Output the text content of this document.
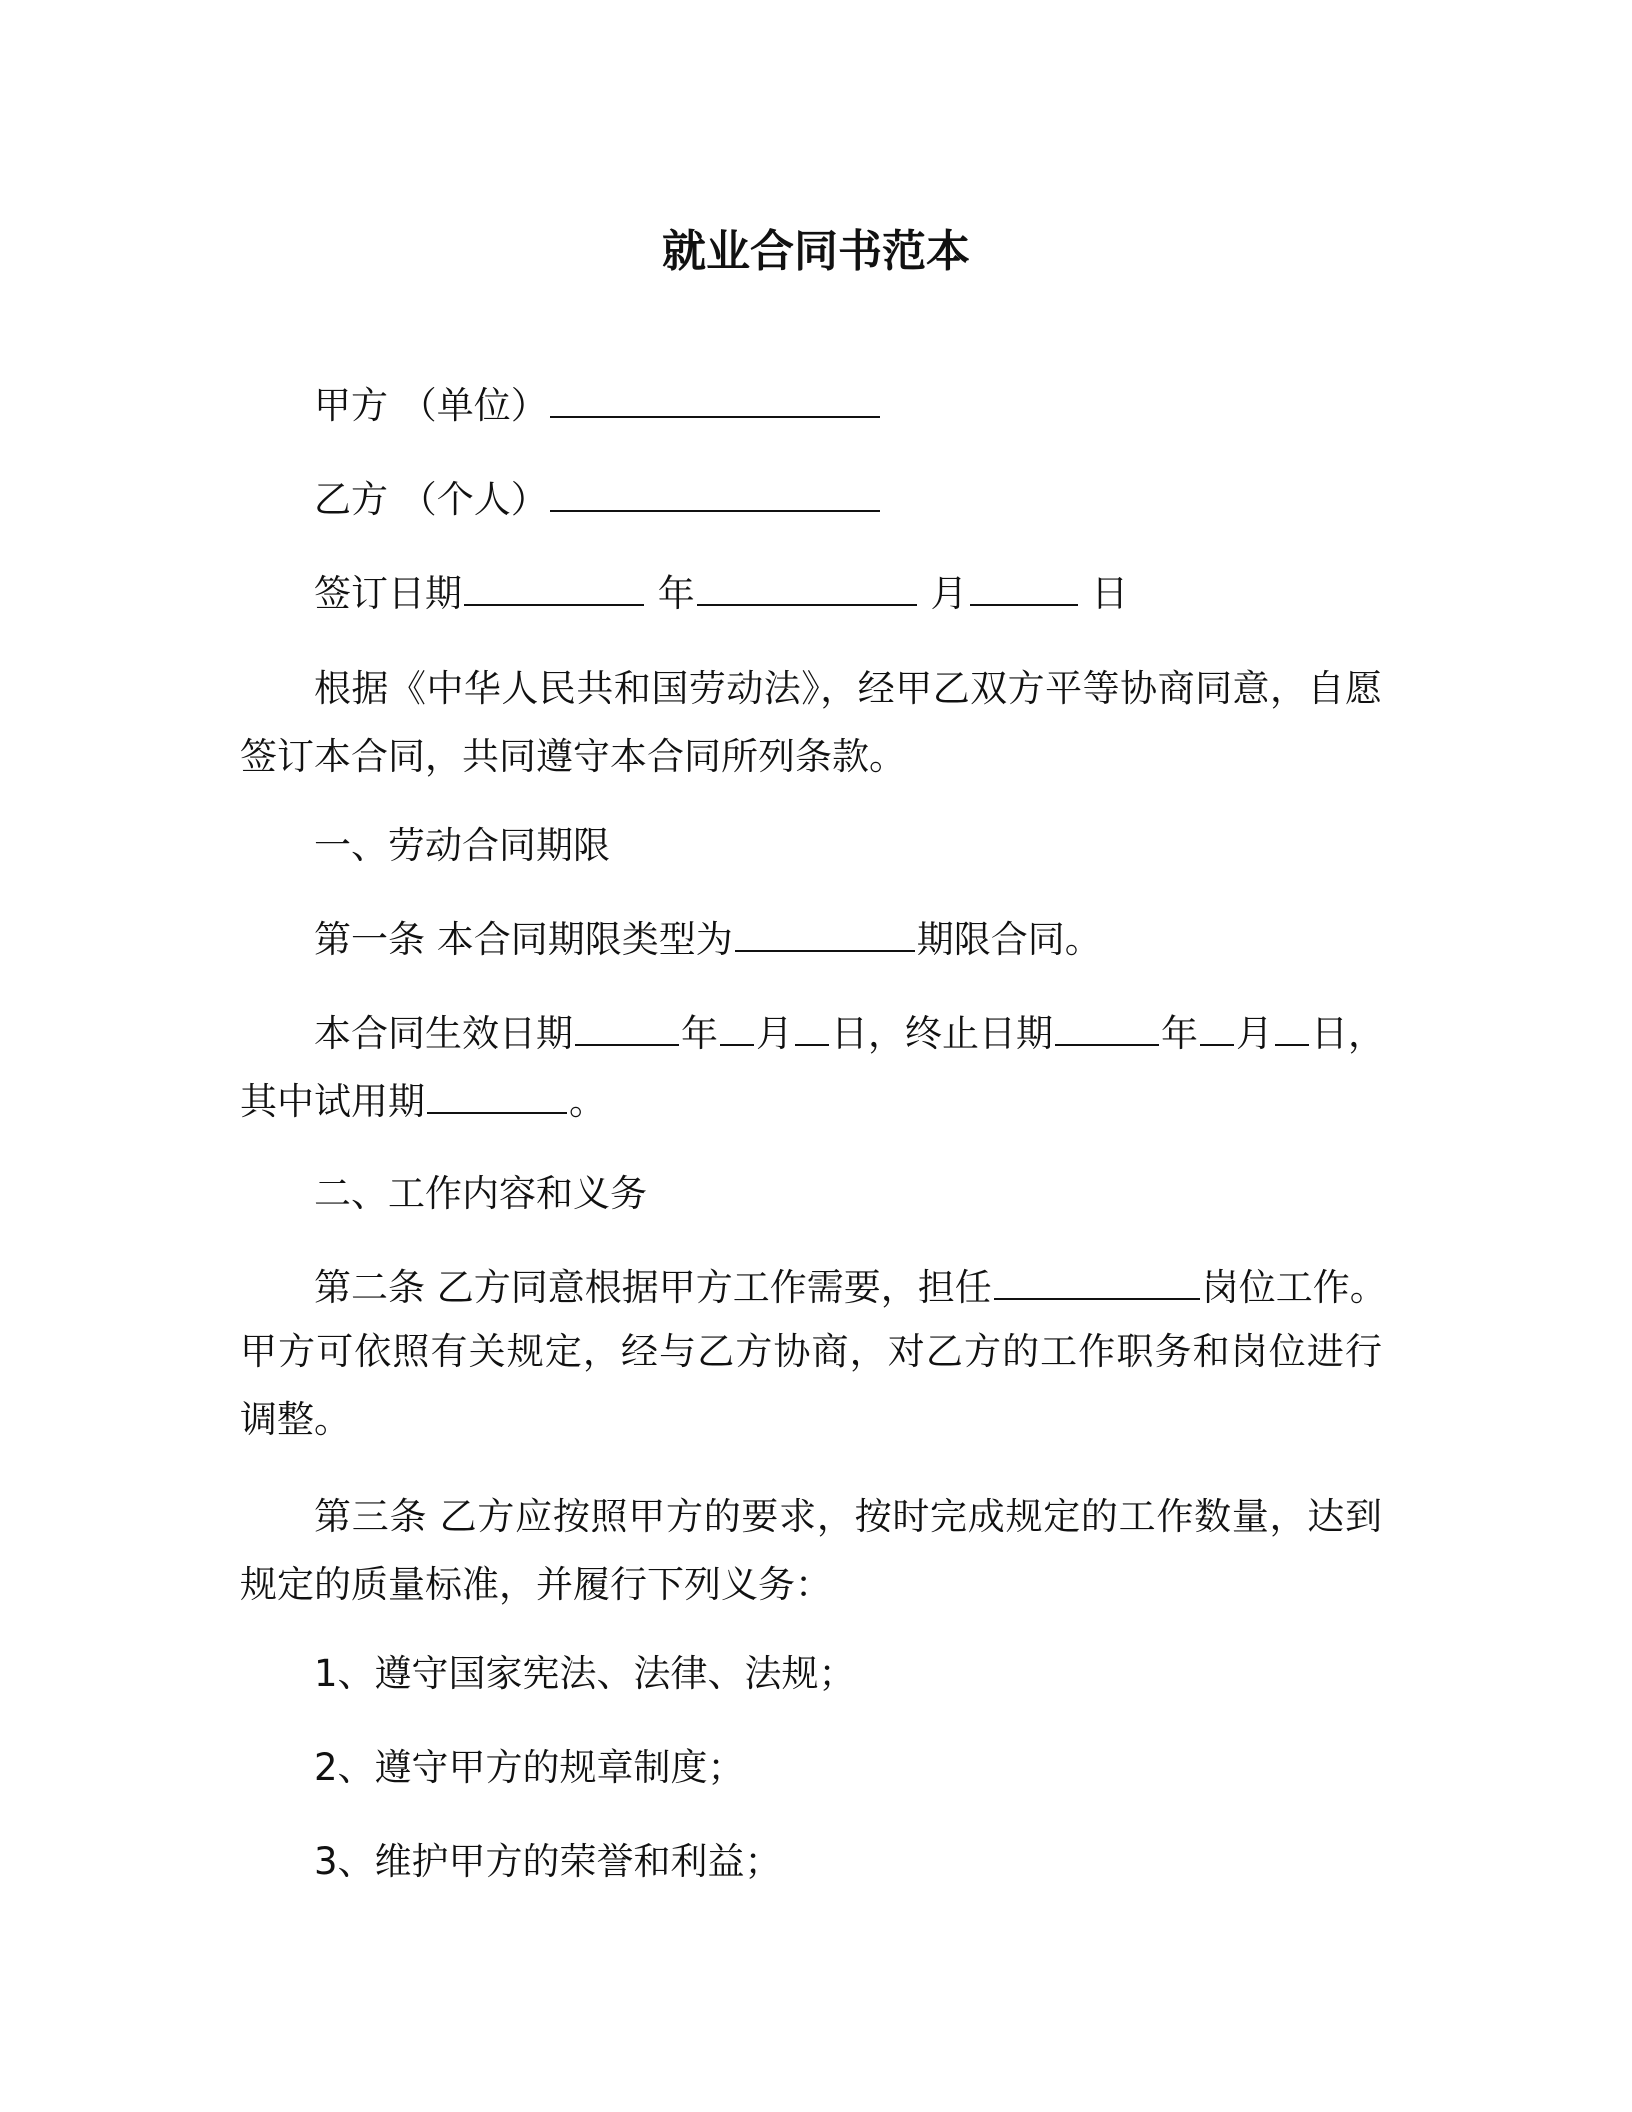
就业合同书范本
甲方 （单位）
乙方 （个人）
签订日期	年	月	日
根据《中华人民共和国劳动法》，经甲乙双方平等协商同意，自愿签订本合同，共同遵守本合同所列条款。
一、劳动合同期限
第一条 本合同期限类型为	期限合同。
本合同生效日期	年 月 日，终止日期	年 月 日，
其中试用期	。
二、工作内容和义务
第二条 乙方同意根据甲方工作需要，担任	岗位工作。
甲方可依照有关规定，经与乙方协商，对乙方的工作职务和岗位进行调整。
第三条 乙方应按照甲方的要求，按时完成规定的工作数量，达到规定的质量标准，并履行下列义务：
1、遵守国家宪法、法律、法规；
2、遵守甲方的规章制度；
3、维护甲方的荣誉和利益；
